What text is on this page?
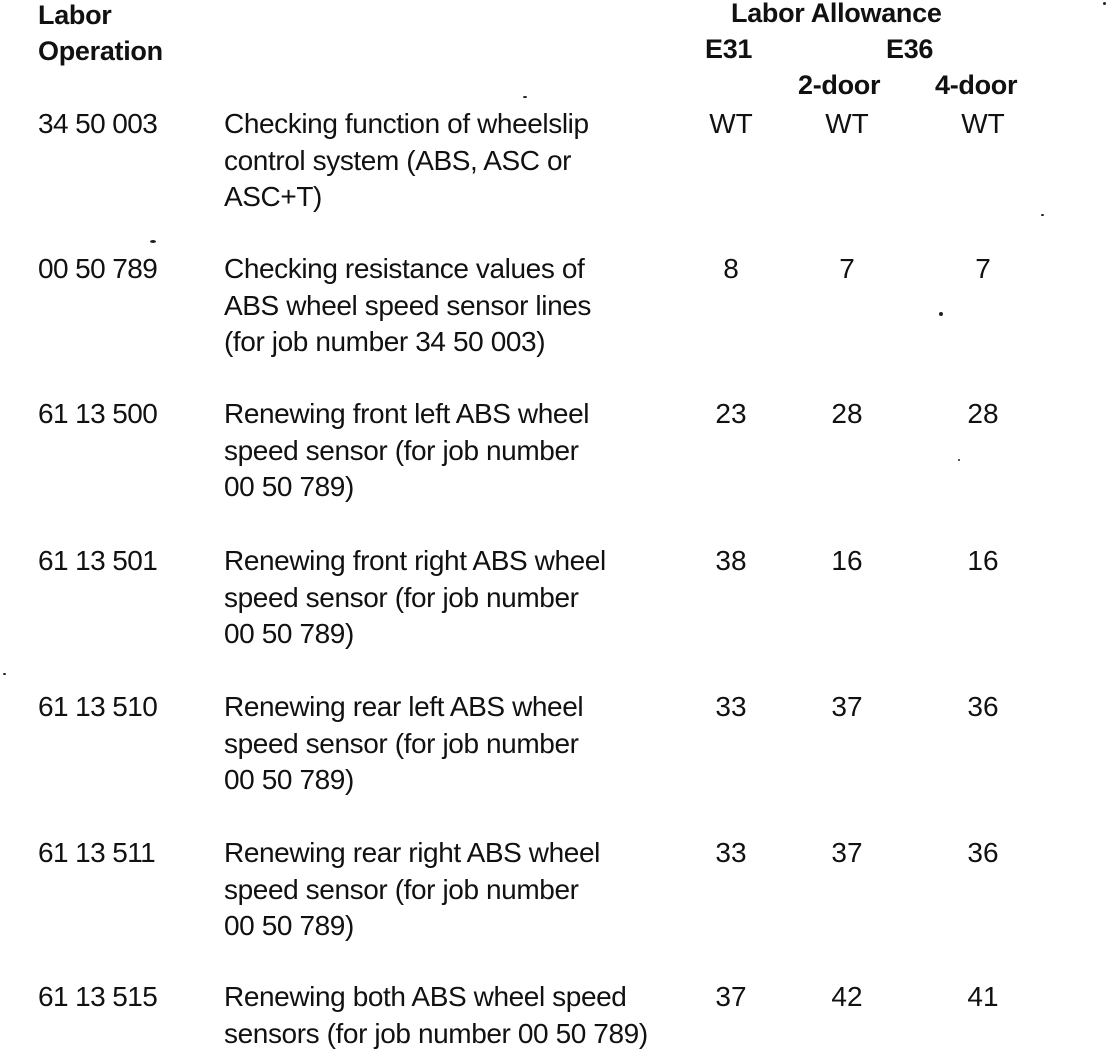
Labor
Operation
Labor Allowance
E31	E36
2-door 4-door
34 50 003 Checking function of wheelslip
control system (ABS, ASC or
ASC+T)
WT	WT	WT
00 50 789 Checking resistance values of
ABS wheel speed sensor lines
(for job number 34 50 003)
8	7	7
61 13 500 Renewing front left ABS wheel
speed sensor (for job number
00 50 789)
23	28	28
61 13 501 Renewing front right ABS wheel
speed sensor (for job number
00 50 789)
38	16	16
61 13 510 Renewing rear left ABS wheel
speed sensor (for job number
00 50 789)
33	37	36
61 13 511 Renewing rear right ABS wheel
speed sensor (for job number
00 50 789)
33	37	36
61 13 515 Renewing both ABS wheel speed
sensors (for job number 00 50 789)
37	42	41
